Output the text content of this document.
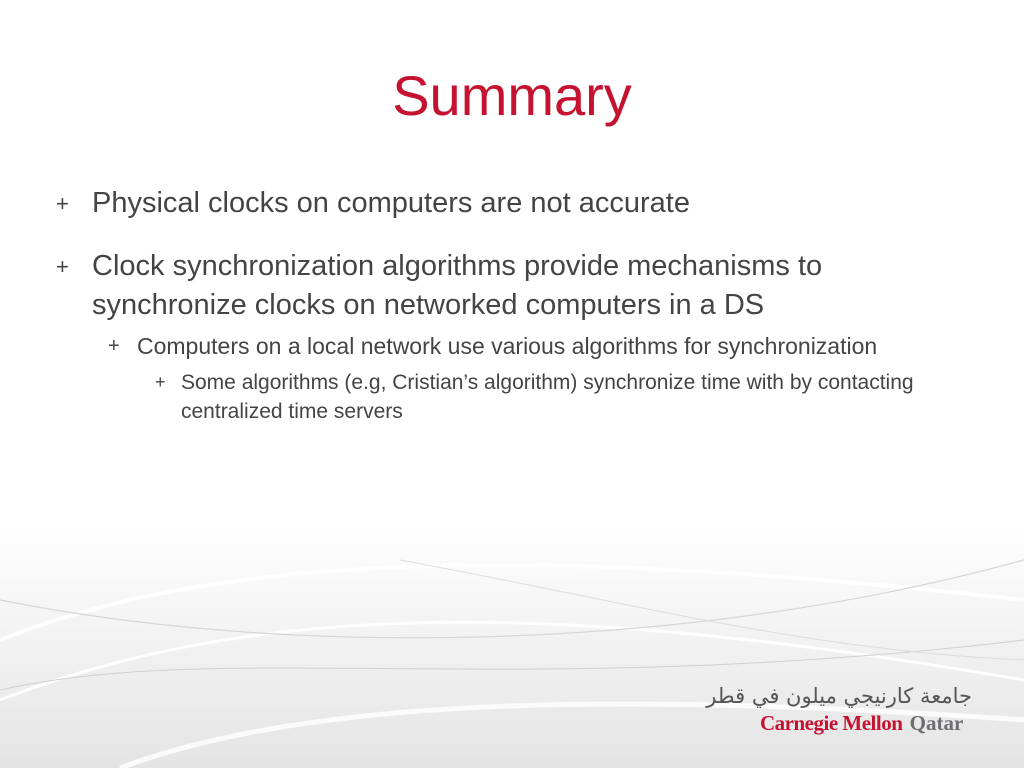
Summary
+ Physical clocks on computers are not accurate
+ Clock synchronization algorithms provide mechanisms to synchronize clocks on networked computers in a DS
+ Computers on a local network use various algorithms for synchronization
+ Some algorithms (e.g, Cristian’s algorithm) synchronize time with by contacting centralized time servers
جامعة كارنيجي ميلون في قطر
Carnegie Mellon Qatar
